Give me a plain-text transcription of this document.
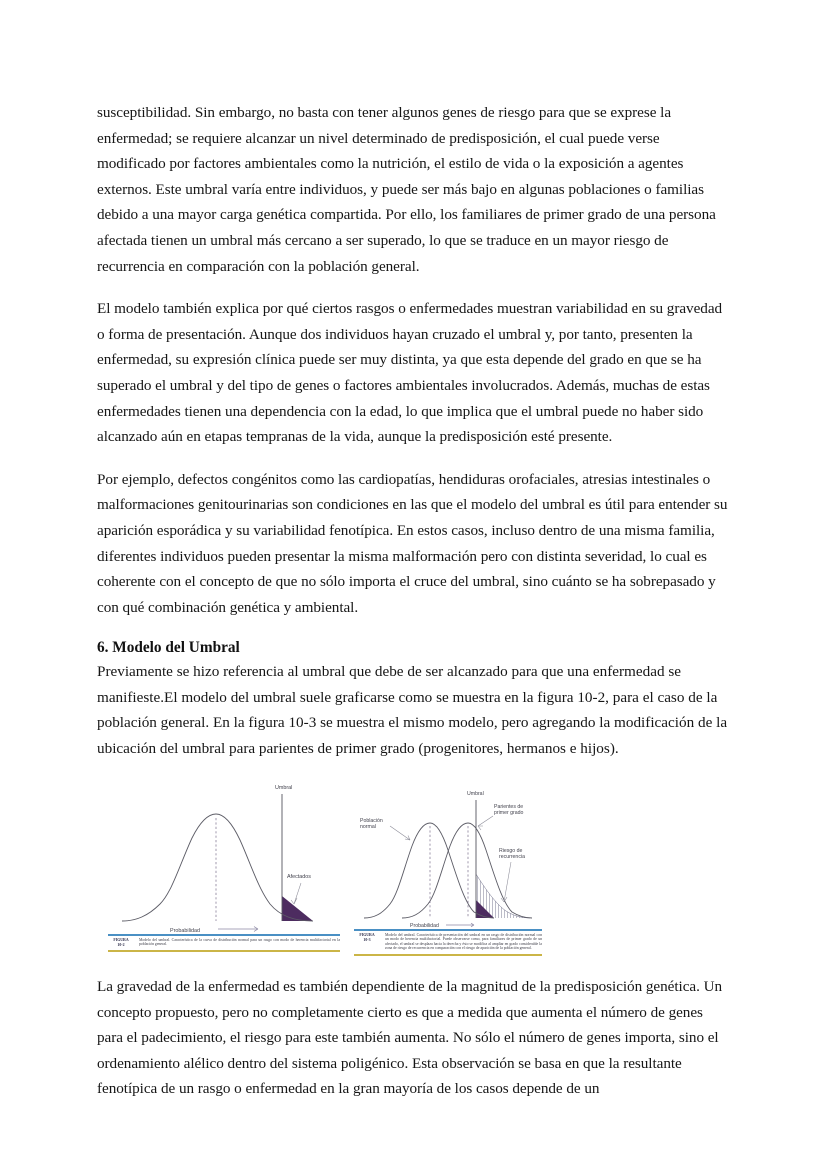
susceptibilidad. Sin embargo, no basta con tener algunos genes de riesgo para que se exprese la enfermedad; se requiere alcanzar un nivel determinado de predisposición, el cual puede verse modificado por factores ambientales como la nutrición, el estilo de vida o la exposición a agentes externos. Este umbral varía entre individuos, y puede ser más bajo en algunas poblaciones o familias debido a una mayor carga genética compartida. Por ello, los familiares de primer grado de una persona afectada tienen un umbral más cercano a ser superado, lo que se traduce en un mayor riesgo de recurrencia en comparación con la población general.

El modelo también explica por qué ciertos rasgos o enfermedades muestran variabilidad en su gravedad o forma de presentación. Aunque dos individuos hayan cruzado el umbral y, por tanto, presenten la enfermedad, su expresión clínica puede ser muy distinta, ya que esta depende del grado en que se ha superado el umbral y del tipo de genes o factores ambientales involucrados. Además, muchas de estas enfermedades tienen una dependencia con la edad, lo que implica que el umbral puede no haber sido alcanzado aún en etapas tempranas de la vida, aunque la predisposición esté presente.

Por ejemplo, defectos congénitos como las cardiopatías, hendiduras orofaciales, atresias intestinales o malformaciones genitourinarias son condiciones en las que el modelo del umbral es útil para entender su aparición esporádica y su variabilidad fenotípica. En estos casos, incluso dentro de una misma familia, diferentes individuos pueden presentar la misma malformación pero con distinta severidad, lo cual es coherente con el concepto de que no sólo importa el cruce del umbral, sino cuánto se ha sobrepasado y con qué combinación genética y ambiental.

6. Modelo del Umbral

Previamente se hizo referencia al umbral que debe de ser alcanzado para que una enfermedad se manifieste.El modelo del umbral suele graficarse como se muestra en la figura 10-2, para el caso de la población general. En la figura 10-3 se muestra el mismo modelo, pero agregando la modificación de la ubicación del umbral para parientes de primer grado (progenitores, hermanos e hijos).

Umbral
Afectados
Probabilidad
FIGURA
10-2
Modelo del umbral. Característica de la curva de distribución normal para un rasgo con modo de herencia multifactorial en la población general.
Umbral
Población normal
Parientes de primer grado
Riesgo de recurrencia
Probabilidad
FIGURA
10-3
Modelo del umbral. Característica de presentación del umbral en un rasgo de distribución normal con un modo de herencia multifactorial. Puede observarse como, para familiares de primer grado de un afectado, el umbral se desplaza hacia la derecha y ésto se modifica al ampliar en grado considerable la zona de riesgo de recurrencia en comparación con el riesgo de aparición de la población general.

La gravedad de la enfermedad es también dependiente de la magnitud de la predisposición genética. Un concepto propuesto, pero no completamente cierto es que a medida que aumenta el número de genes para el padecimiento, el riesgo para este también aumenta. No sólo el número de genes importa, sino el ordenamiento alélico dentro del sistema poligénico. Esta observación se basa en que la resultante fenotípica de un rasgo o enfermedad en la gran mayoría de los casos depende de un
